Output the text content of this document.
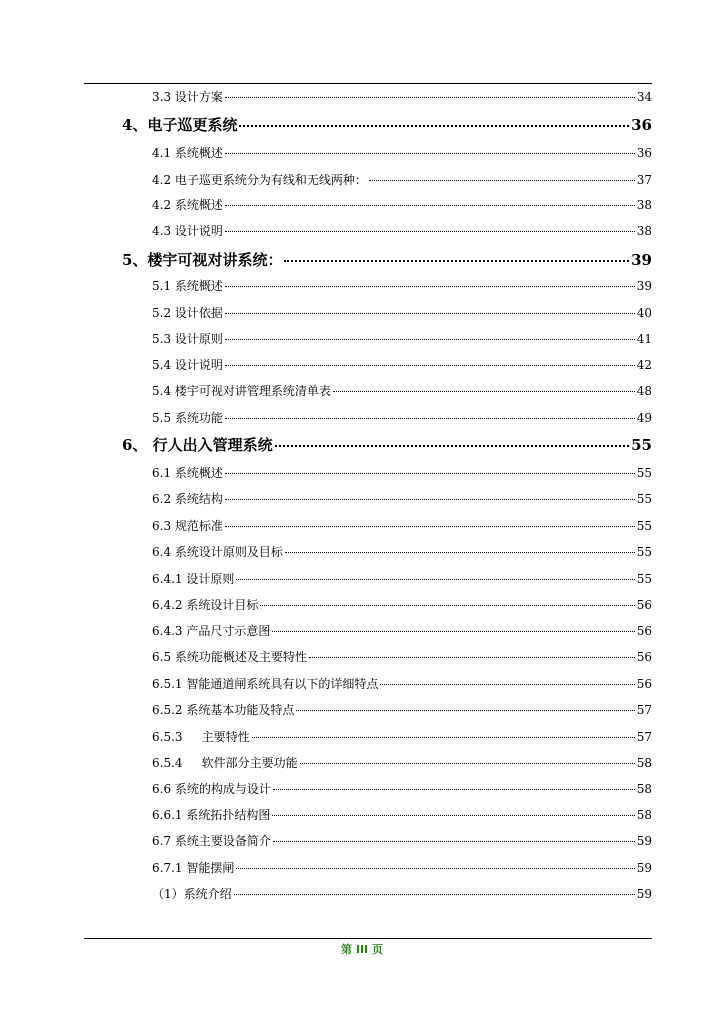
3.3 设计方案	34
4、电子巡更系统	36
4.1 系统概述	36
4.2 电子巡更系统分为有线和无线两种：	37
4.2 系统概述	38
4.3 设计说明	38
5、楼宇可视对讲系统：	39
5.1 系统概述	39
5.2 设计依据	40
5.3 设计原则	41
5.4 设计说明	42
5.4 楼宇可视对讲管理系统清单表	48
5.5 系统功能	49
6、 行人出入管理系统	55
6.1 系统概述	55
6.2 系统结构	55
6.3 规范标准	55
6.4 系统设计原则及目标	55
6.4.1 设计原则	55
6.4.2 系统设计目标	56
6.4.3 产品尺寸示意图	56
6.5 系统功能概述及主要特性	56
6.5.1 智能通道闸系统具有以下的详细特点	56
6.5.2 系统基本功能及特点	57
6.5.3     主要特性	57
6.5.4     软件部分主要功能	58
6.6 系统的构成与设计	58
6.6.1 系统拓扑结构图	58
6.7 系统主要设备简介	59
6.7.1 智能摆闸	59
（1）系统介绍	59
第 III 页
